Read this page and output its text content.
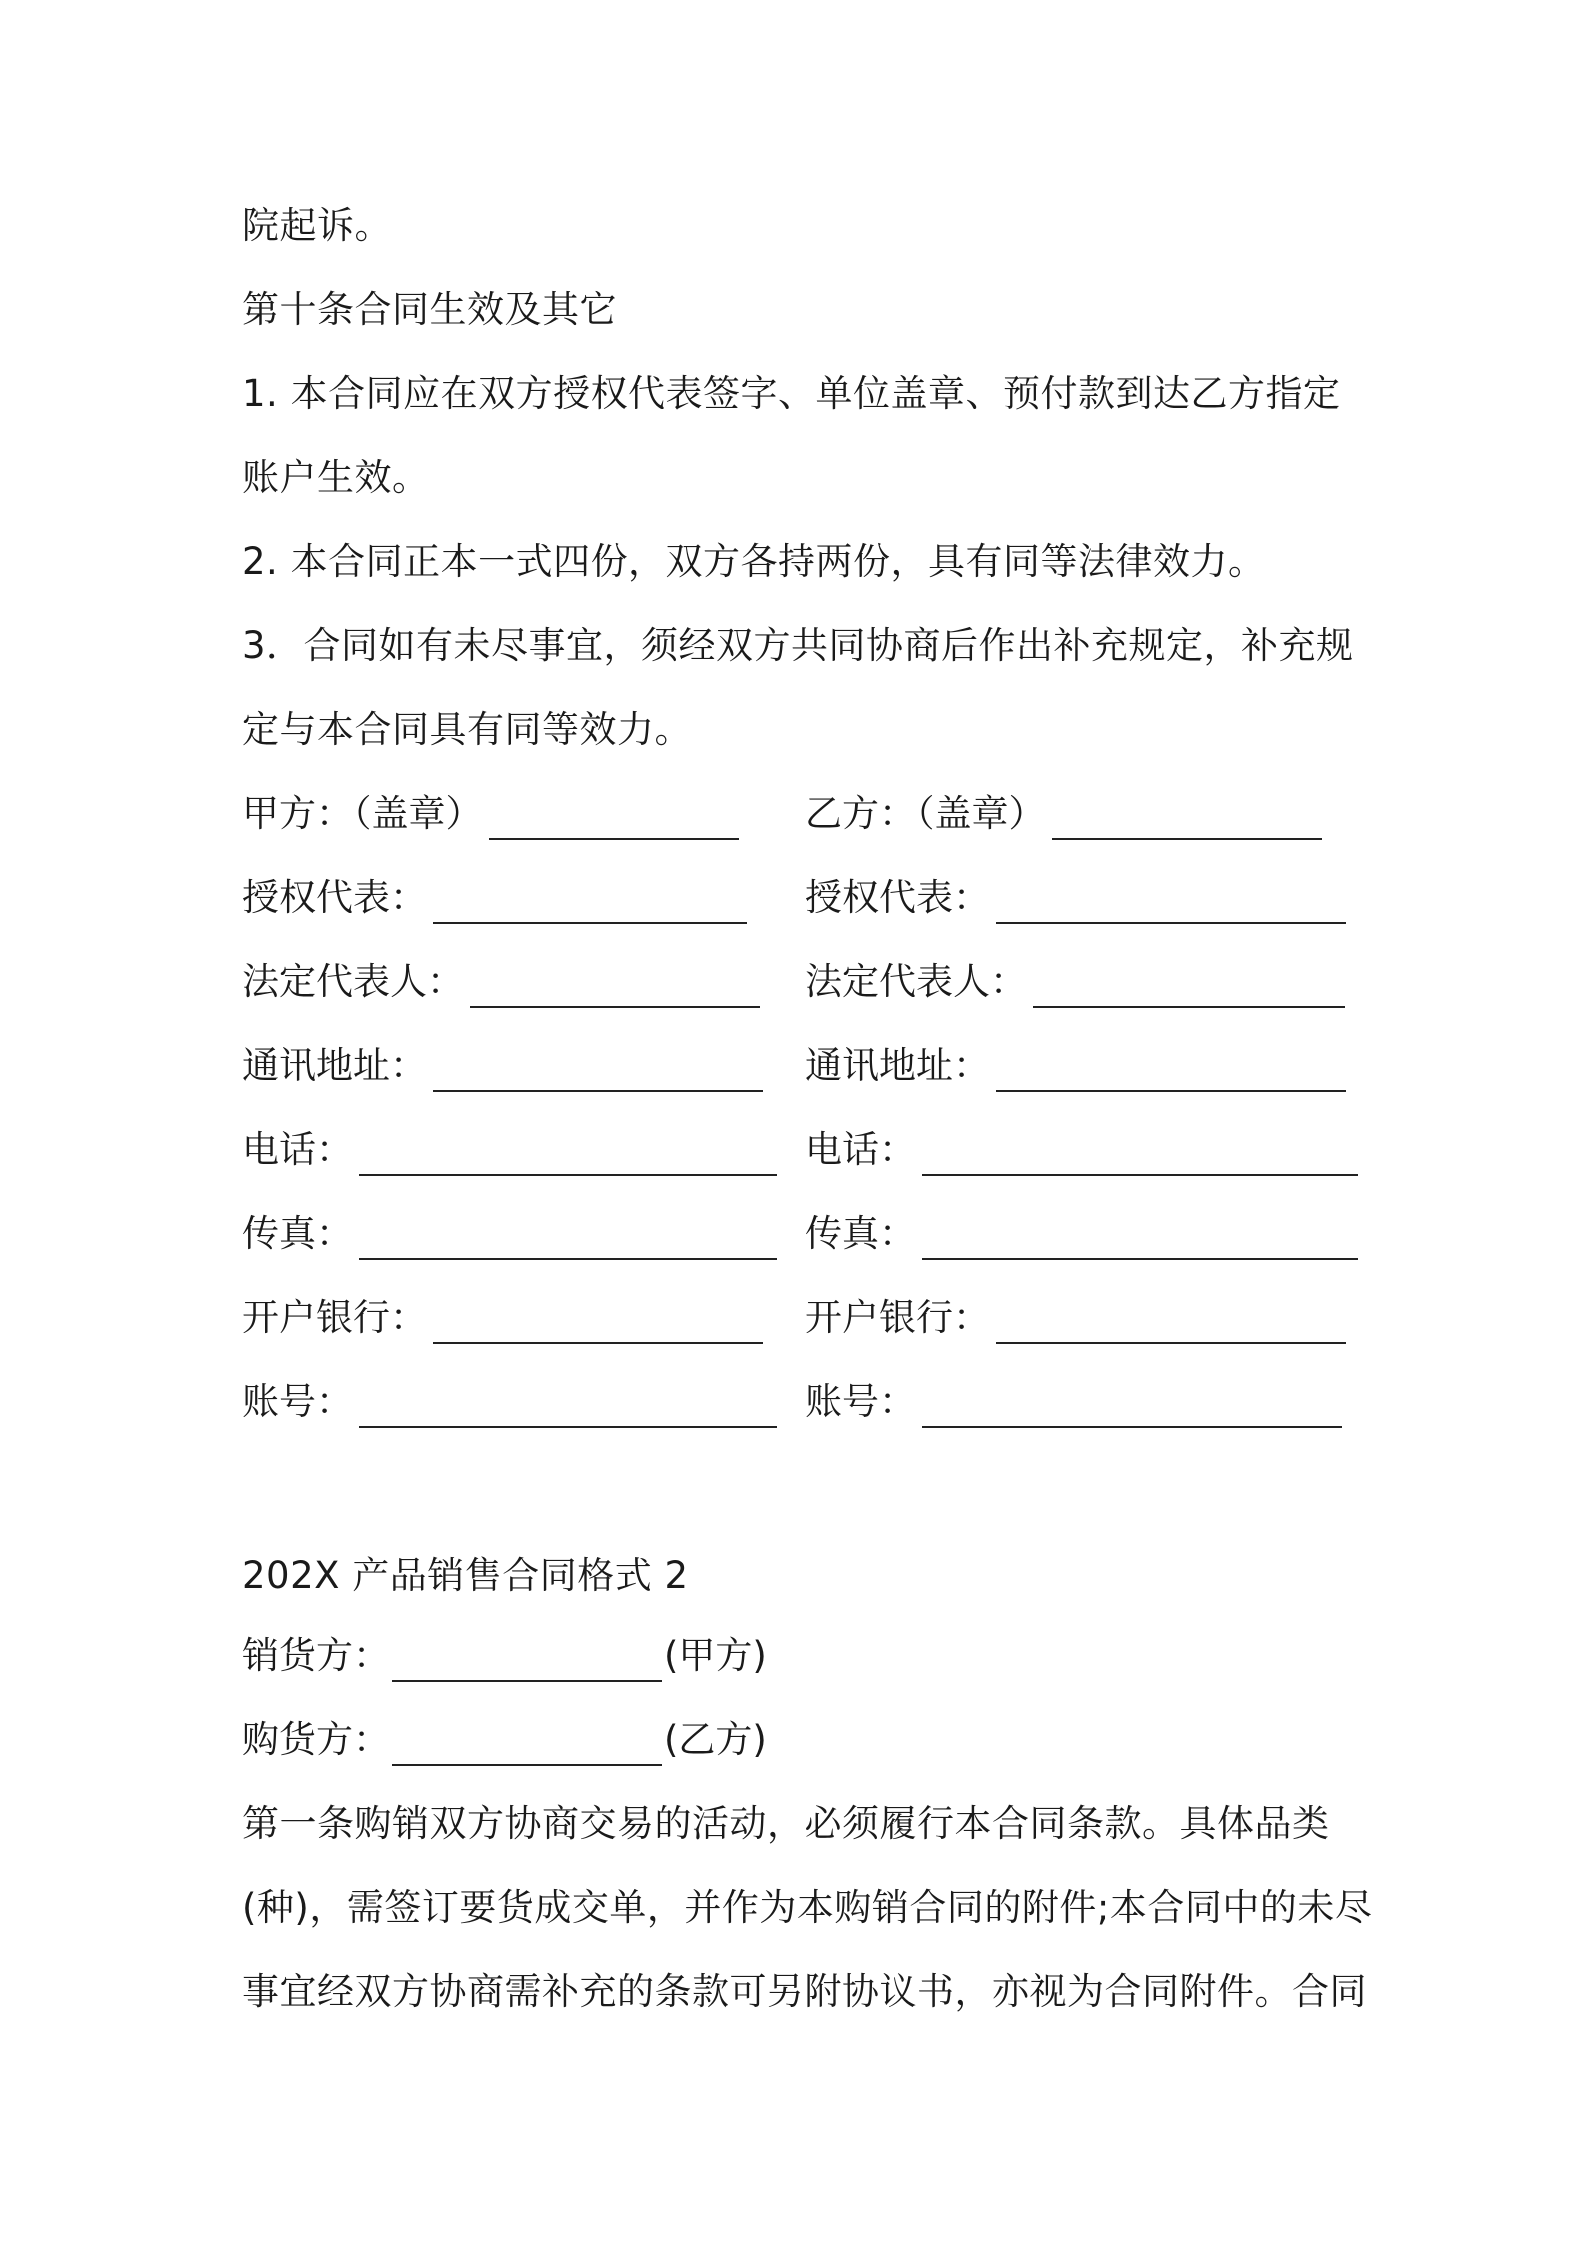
院起诉。
第十条合同生效及其它
1. 本合同应在双方授权代表签字、单位盖章、预付款到达乙方指定
账户生效。
2. 本合同正本一式四份，双方各持两份，具有同等法律效力。
3．合同如有未尽事宜，须经双方共同协商后作出补充规定，补充规
定与本合同具有同等效力。
甲方：（盖章）	乙方：（盖章）
授权代表：	授权代表：
法定代表人：	法定代表人：
通讯地址：	通讯地址：
电话：	电话：
传真：	传真：
开户银行：	开户银行：
账号：	账号：
202X 产品销售合同格式 2
销货方：	(甲方)
购货方：	(乙方)
第一条购销双方协商交易的活动，必须履行本合同条款。具体品类
(种)，需签订要货成交单，并作为本购销合同的附件;本合同中的未尽
事宜经双方协商需补充的条款可另附协议书，亦视为合同附件。合同
